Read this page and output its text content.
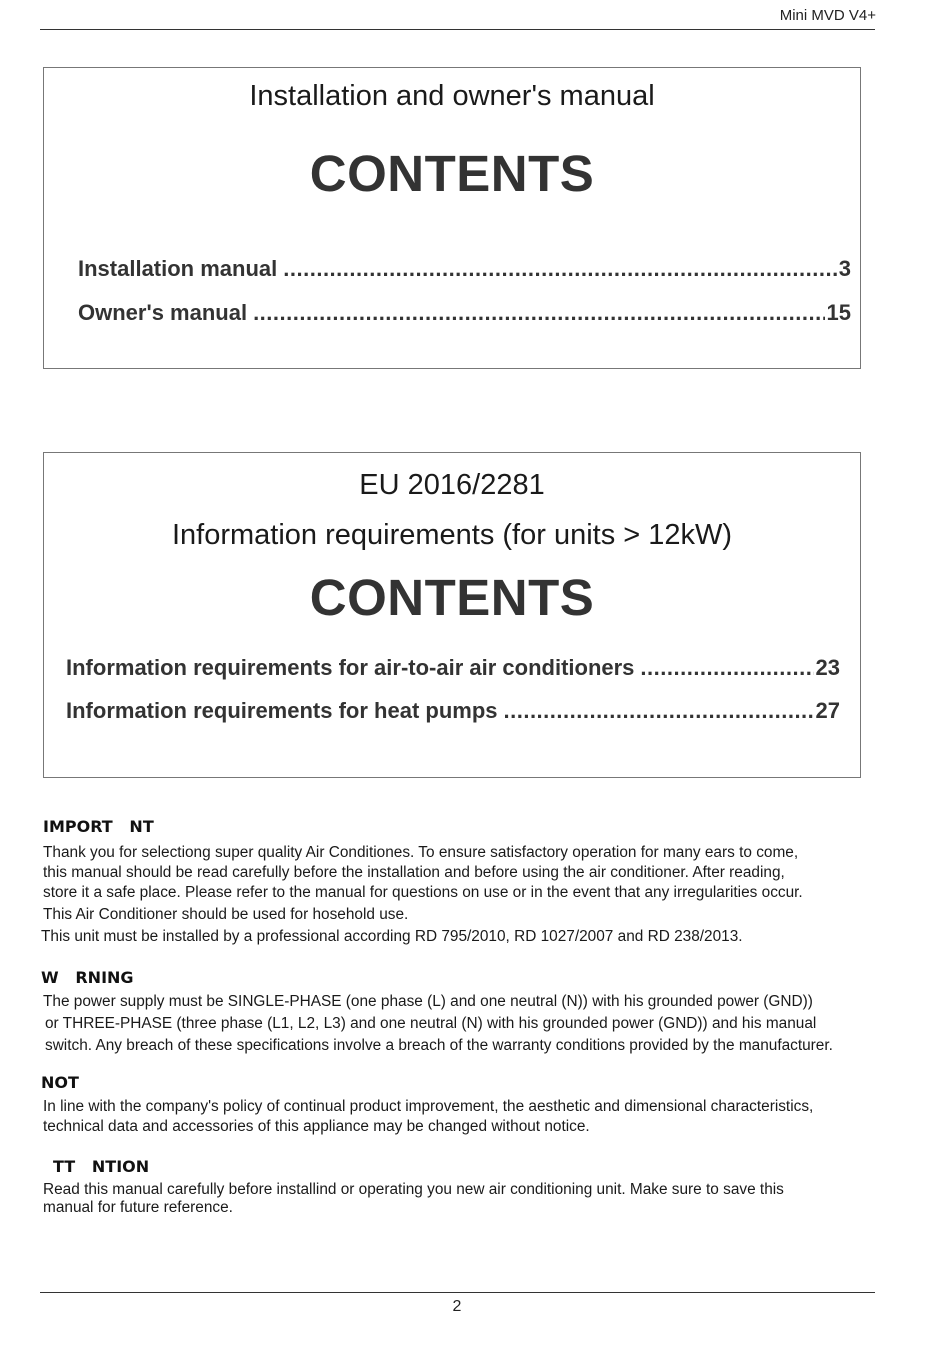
Mini MVD V4+
Installation and owner's manual
CONTENTS
Installation manual .....	3
Owner's manual .....	15
EU 2016/2281
Information requirements (for units > 12kW)
CONTENTS
Information requirements for air-to-air air conditioners .....	23
Information requirements for heat pumps .....	27
IMPORT   NT
Thank you for selectiong super quality Air Conditiones. To ensure satisfactory operation for many ears to come,
this manual should be read carefully before the installation and before using the air conditioner. After reading,
store it a safe place. Please refer to the manual for questions on use or in the event that any irregularities occur.
This Air Conditioner should be used for hosehold use.
This unit must be installed by a professional according RD 795/2010, RD 1027/2007 and RD 238/2013.
W   RNING
The power supply must be SINGLE-PHASE (one phase (L) and one neutral (N)) with his grounded power (GND))
or THREE-PHASE (three phase (L1, L2, L3) and one neutral (N) with his grounded power (GND)) and his manual
switch. Any breach of these specifications involve a breach of the warranty conditions provided by the manufacturer.
NOT
In line with the company's policy of continual product improvement, the aesthetic and dimensional characteristics,
technical data and accessories of this appliance may be changed without notice.
TT   NTION
Read this manual carefully before installind or operating you new air conditioning unit. Make sure to save this
manual for future reference.
2
